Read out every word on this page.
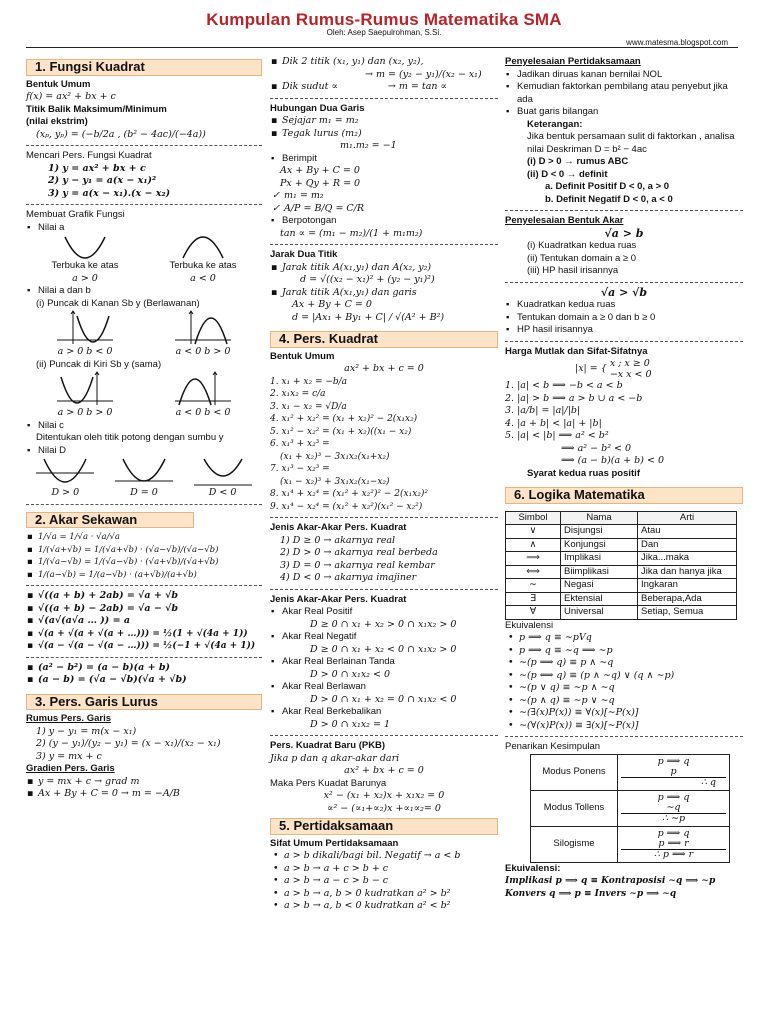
Kumpulan Rumus-Rumus Matematika SMA
Oleh: Asep Saepulrohman, S.Si.
www.matesma.blogspot.com
1. Fungsi Kuadrat
Bentuk Umum
f(x) = ax² + bx + c
Titik Balik Maksimum/Minimum
(nilai ekstrim)
(xₚ, yₚ) = (−b/2a , (b² − 4ac)/(−4a))
Mencari Pers. Fungsi Kuadrat
1) y = ax² + bx + c
2) y − y₁ = a(x − x₁)²
3) y = a(x − x₁).(x − x₂)
Membuat Grafik Fungsi
▪ Nilai a
Terbuka ke atas	Terbuka ke atas
a > 0	a < 0
▪ Nilai a dan b
(i) Puncak di Kanan Sb y (Berlawanan)
a > 0 b < 0	a < 0 b > 0
(ii) Puncak di Kiri Sb y (sama)
a > 0 b > 0	a < 0 b < 0
▪ Nilai c
Ditentukan oleh titik potong dengan sumbu y
▪ Nilai D
D > 0	D = 0	D < 0
2. Akar Sekawan
▪ 1/√a = 1/√a · √a/√a
▪ 1/(√a+√b) = 1/(√a+√b) · (√a−√b)/(√a−√b)
▪ 1/(√a−√b) = 1/(√a−√b) · (√a+√b)/(√a+√b)
▪ 1/(a−√b) = 1/(a−√b) · (a+√b)/(a+√b)
▪ √((a + b) + 2ab) = √a + √b
▪ √((a + b) − 2ab) = √a − √b
▪ √(a√(a√a … )) = a
▪ √(a + √(a + √(a + …))) = ½(1 + √(4a + 1))
▪ √(a − √(a − √(a − …))) = ½(−1 + √(4a + 1))
▪ (a² − b²) = (a − b)(a + b)
▪ (a − b) = (√a − √b)(√a + √b)
3. Pers. Garis Lurus
Rumus Pers. Garis
1) y − y₁ = m(x − x₁)
2) (y − y₁)/(y₂ − y₁) = (x − x₁)/(x₂ − x₁)
3) y = mx + c
Gradien Pers. Garis
▪ y = mx + c → grad m
▪ Ax + By + C = 0 → m = −A/B
▪ Dik 2 titik (x₁, y₁) dan (x₂, y₂),
→ m = (y₂ − y₁)/(x₂ − x₁)
▪ Dik sudut ∝	→ m = tan ∝
Hubungan Dua Garis
▪ Sejajar m₁ = m₂
▪ Tegak lurus (m₂)
m₁.m₂ = −1
▪ Berimpit
Ax + By + C = 0
Px + Qy + R = 0
✓ m₁ = m₂
✓ A/P = B/Q = C/R
▪ Berpotongan
tan ∝ = (m₁ − m₂)/(1 + m₁m₂)
Jarak Dua Titik
▪ Jarak titik A(x₁,y₁) dan A(x₂, y₂)
d = √((x₂ − x₁)² + (y₂ − y₁)²)
▪ Jarak titik A(x₁,y₁) dan garis
Ax + By + C = 0
d = |Ax₁ + By₁ + C| / √(A² + B²)
4. Pers. Kuadrat
Bentuk Umum
ax² + bx + c = 0
1. x₁ + x₂ = −b/a
2. x₁x₂ = c/a
3. x₁ − x₂ = √D/a
4. x₁² + x₂² = (x₁ + x₂)² − 2(x₁x₂)
5. x₁² − x₂² = (x₁ + x₂)((x₁ − x₂)
6. x₁³ + x₂³ =
(x₁ + x₂)³ − 3x₁x₂(x₁+x₂)
7. x₁³ − x₂³ =
(x₁ − x₂)³ + 3x₁x₂(x₁−x₂)
8. x₁⁴ + x₂⁴ = (x₁² + x₂²)² − 2(x₁x₂)²
9. x₁⁴ − x₂⁴ = (x₁² + x₂²)(x₁² − x₂²)
Jenis Akar-Akar Pers. Kuadrat
1) D ≥ 0 → akarnya real
2) D > 0 → akarnya real berbeda
3) D = 0 → akarnya real kembar
4) D < 0 → akarnya imajiner
Jenis Akar-Akar Pers. Kuadrat
▪ Akar Real Positif
D ≥ 0 ∩ x₁ + x₂ > 0 ∩ x₁x₂ > 0
▪ Akar Real Negatif
D ≥ 0 ∩ x₁ + x₂ < 0 ∩ x₁x₂ > 0
▪ Akar Real Berlainan Tanda
D > 0 ∩ x₁x₂ < 0
▪ Akar Real Berlawan
D > 0 ∩ x₁ + x₂ = 0 ∩ x₁x₂ < 0
▪ Akar Real Berkebalikan
D > 0 ∩ x₁x₂ = 1
Pers. Kuadrat Baru (PKB)
Jika p dan q akar-akar dari
ax² + bx + c = 0
Maka Pers Kuadat Barunya
x² − (x₁ + x₂)x + x₁x₂ = 0
∝² − (∝₁+∝₂)x +∝₁∝₂= 0
5. Pertidaksamaan
Sifat Umum Pertidaksamaan
• a > b dikali/bagi bil. Negatif → a < b
• a > b → a + c > b + c
• a > b → a − c > b − c
• a > b → a, b > 0 kudratkan a² > b²
• a > b → a, b < 0 kudratkan a² < b²
Penyelesaian Pertidaksamaan
▪ Jadikan diruas kanan bernilai NOL
▪ Kemudian faktorkan pembilang atau penyebut jika ada
▪ Buat garis bilangan
Keterangan:
Jika bentuk persamaan sulit di faktorkan , analisa nilai Deskriman D = b² − 4ac
(i) D > 0 → rumus ABC
(ii) D < 0 → definit
a. Definit Positif D < 0, a > 0
b. Definit Negatif D < 0, a < 0
Penyelesaian Bentuk Akar
√a > b
(i) Kuadratkan kedua ruas
(ii) Tentukan domain a ≥ 0
(iii) HP hasil irisannya
√a > √b
▪ Kuadratkan kedua ruas
▪ Tentukan domain a ≥ 0 dan b ≥ 0
▪ HP hasil irisannya
Harga Mutlak dan Sifat-Sifatnya
|x| = { x ; x ≥ 0
−x x < 0
1. |a| < b ⟹ −b < a < b
2. |a| > b ⟹ a > b ∪ a < −b
3. |a/b| = |a|/|b|
4. |a + b| < |a| + |b|
5. |a| < |b| ⟹ a² < b²
⟹ a² − b² < 0
⟹ (a − b)(a + b) < 0
Syarat kedua ruas positif
6. Logika Matematika
Simbol	Nama	Arti
∨	Disjungsi	Atau
∧	Konjungsi	Dan
⟹	Implikasi	Jika...maka
⟺	Biimplikasi	Jika dan hanya jika
∼	Negasi	Ingkaran
∃	Ektensial	Beberapa,Ada
∀	Universal	Setiap, Semua
Ekuivalensi
• p ⟹ q ≡ ∼pVq
• p ⟹ q ≡ ∼q ⟹ ∼p
• ∼(p ⟹ q) ≡ p ∧ ∼q
• ∼(p ⟺ q) ≡ (p ∧ ∼q) ∨ (q ∧ ∼p)
• ∼(p ∨ q) ≡ ∼p ∧ ∼q
• ∼(p ∧ q) ≡ ∼p ∨ ∼q
• ∼(∃(x)P(x)) ≡ ∀(x)[∼P(x)]
• ∼(∀(x)P(x)) ≡ ∃(x)[∼P(x)]
Penarikan Kesimpulan
Modus Ponens	p ⟹ q
p
∴ q

Modus Tollens	p ⟹ q
∼q
∴ ∼p

Silogisme	p ⟹ q
p ⟹ r
∴ p ⟹ r
Ekuivalensi:
Implikasi p ⟹ q ≡ Kontraposisi ∼q ⟹ ∼p
Konvers q ⟹ p ≡ Invers ∼p ⟹ ∼q
